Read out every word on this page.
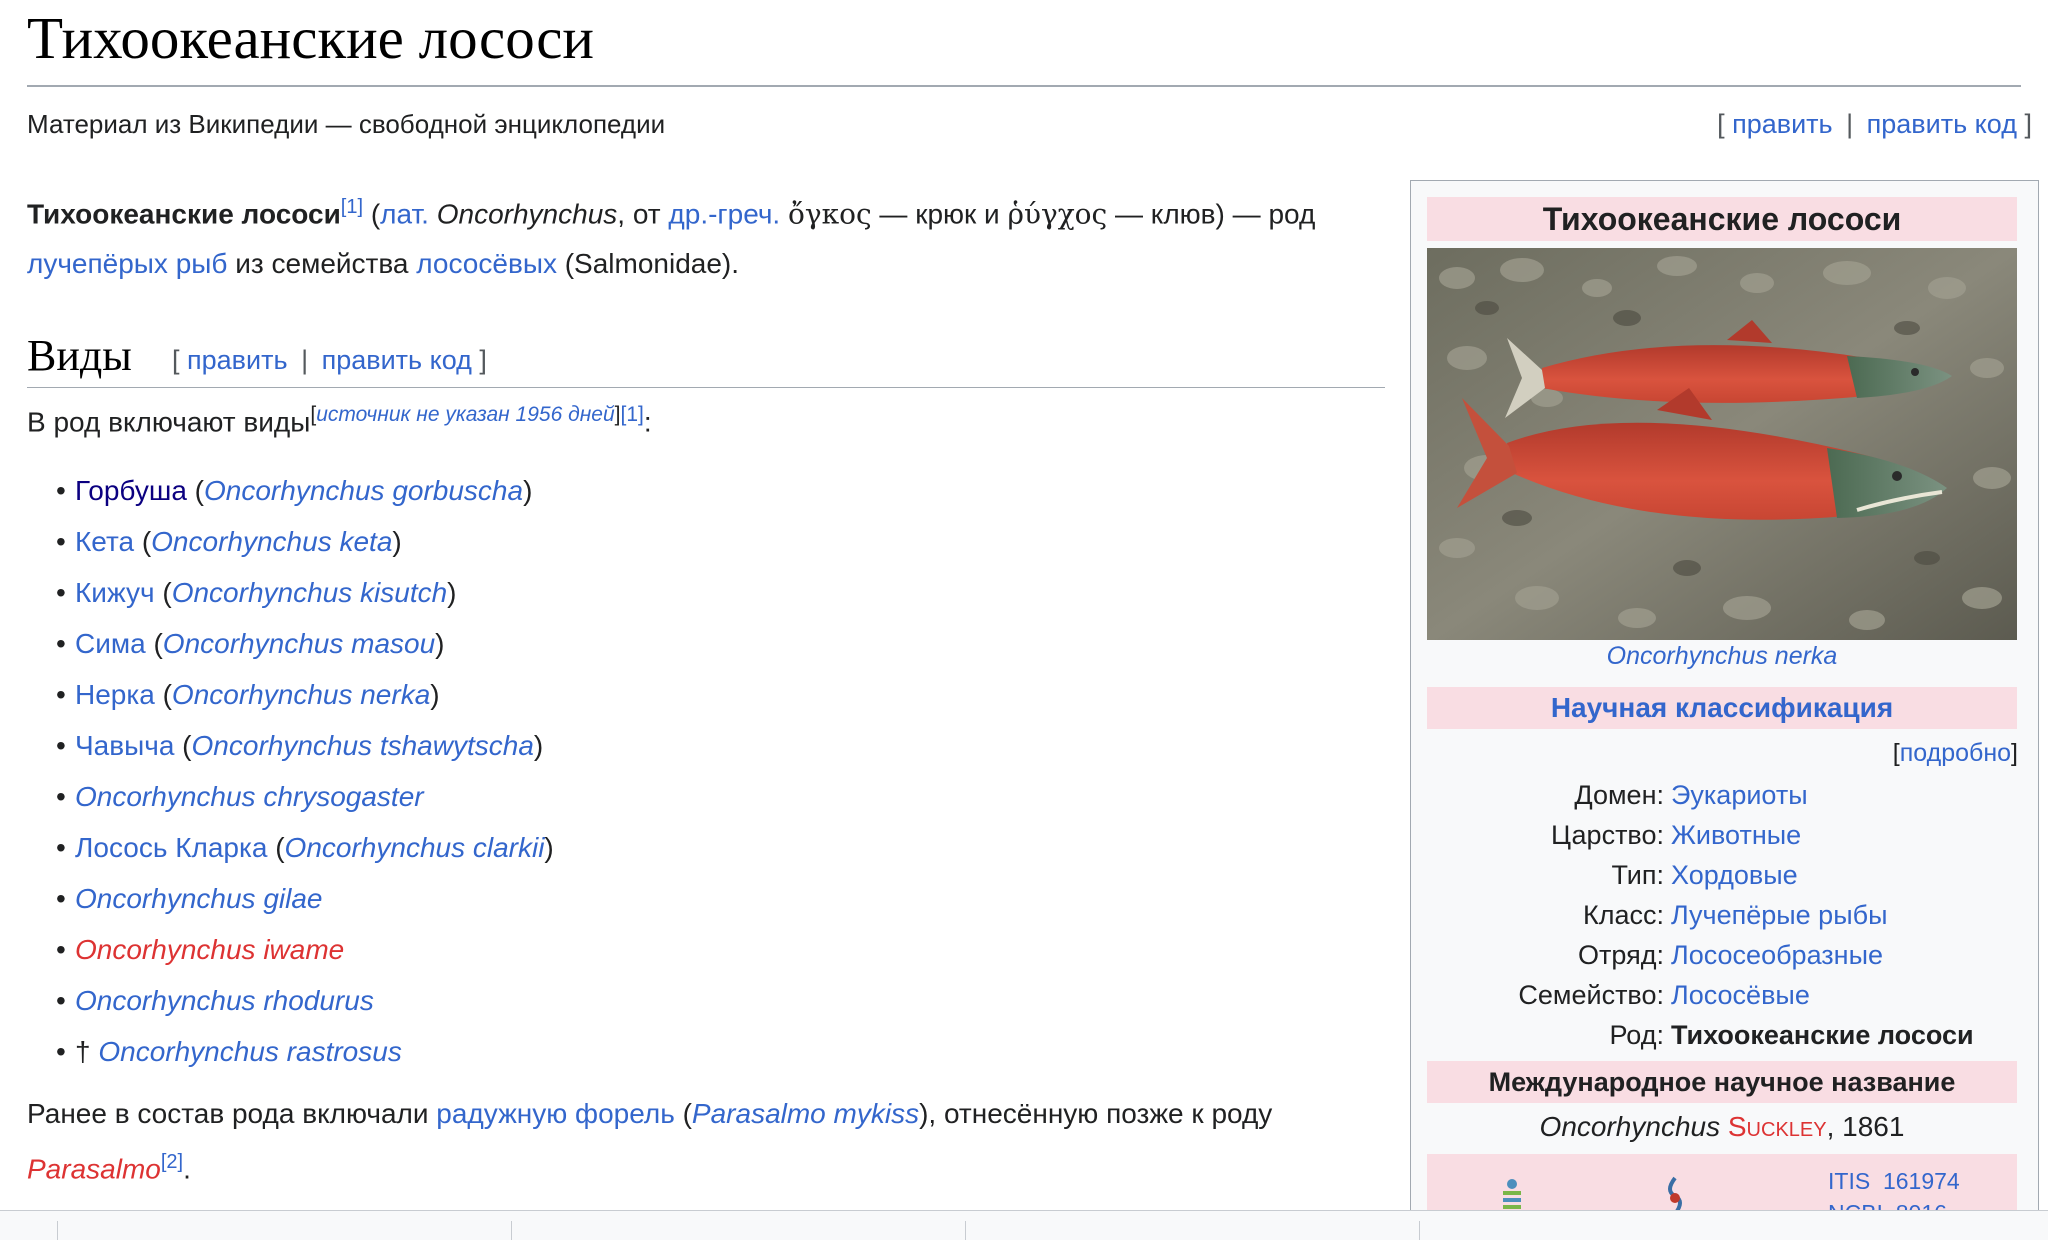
Тихоокеанские лососи
Материал из Википедии — свободной энциклопедии	[ править | править код ]
Тихоокеанские лососи[1] (лат. Oncorhynchus, от др.-греч. ὄγκος — крюк и ῥύγχος — клюв) — род лучепёрых рыб из семейства лососёвых (Salmonidae).
Виды [ править | править код ]
В род включают виды[источник не указан 1956 дней][1]:
• Горбуша (Oncorhynchus gorbuscha)
• Кета (Oncorhynchus keta)
• Кижуч (Oncorhynchus kisutch)
• Сима (Oncorhynchus masou)
• Нерка (Oncorhynchus nerka)
• Чавыча (Oncorhynchus tshawytscha)
• Oncorhynchus chrysogaster
• Лосось Кларка (Oncorhynchus clarkii)
• Oncorhynchus gilae
• Oncorhynchus iwame
• Oncorhynchus rhodurus
• † Oncorhynchus rastrosus
Ранее в состав рода включали радужную форель (Parasalmo mykiss), отнесённую позже к роду Parasalmo[2].
Тихоокеанские лососи
Oncorhynchus nerka
Научная классификация
[подробно]
Домен: Эукариоты
Царство: Животные
Тип: Хордовые
Класс: Лучепёрые рыбы
Отряд: Лососеобразные
Семейство: Лососёвые
Род: Тихоокеанские лососи
Международное научное название
Oncorhynchus Suckley, 1861
ITIS 161974
